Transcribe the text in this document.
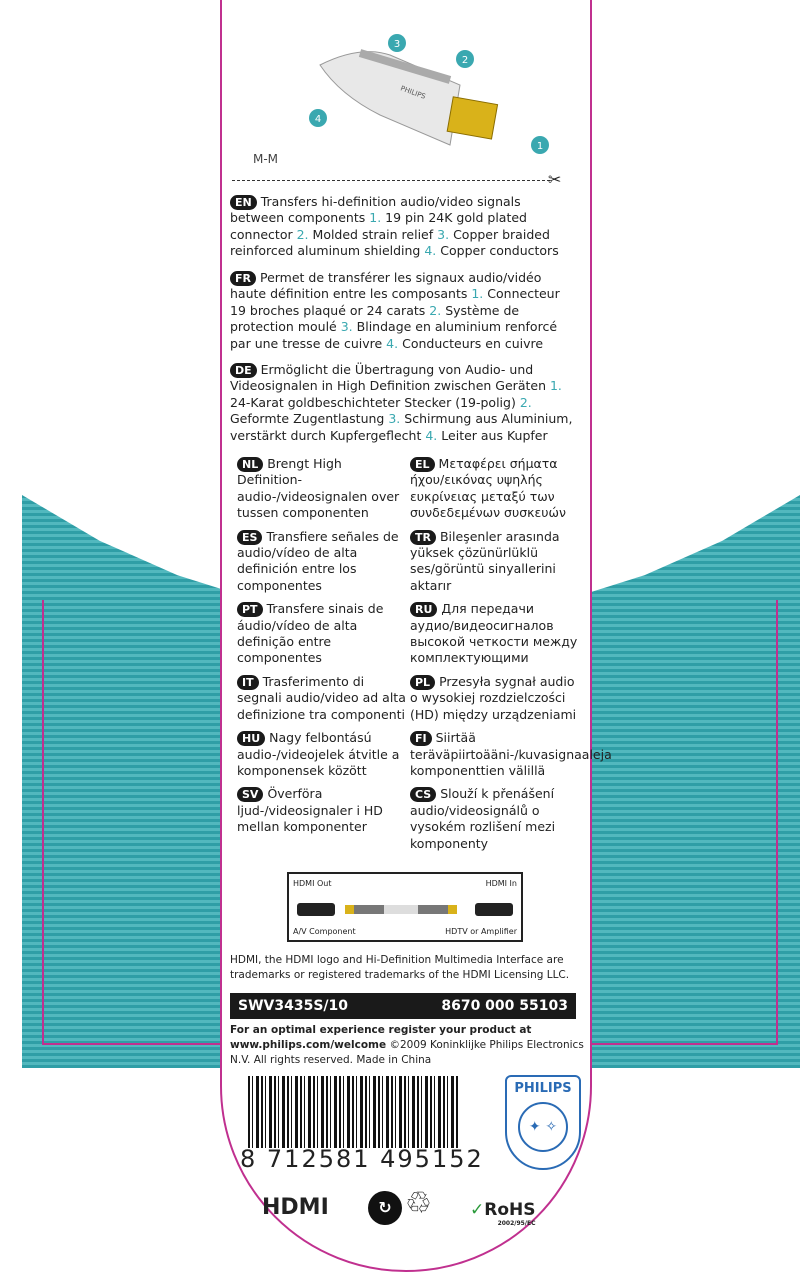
3
2
4
1
PHILIPS
M-M
✂
EN Transfers hi-definition audio/video signals between components 1. 19 pin 24K gold plated connector 2. Molded strain relief 3. Copper braided reinforced aluminum shielding 4. Copper conductors
FR Permet de transférer les signaux audio/vidéo haute définition entre les composants 1. Connecteur 19 broches plaqué or 24 carats 2. Système de protection moulé 3. Blindage en aluminium renforcé par une tresse de cuivre 4. Conducteurs en cuivre
DE Ermöglicht die Übertragung von Audio- und Videosignalen in High Definition zwischen Geräten 1. 24-Karat goldbeschichteter Stecker (19-polig) 2. Geformte Zugentlastung 3. Schirmung aus Aluminium, verstärkt durch Kupfergeflecht 4. Leiter aus Kupfer
NL Brengt High Definition-audio-/videosignalen over tussen componenten
ES Transfiere señales de audio/vídeo de alta definición entre los componentes
PT Transfere sinais de áudio/vídeo de alta definição entre componentes
IT Trasferimento di segnali audio/video ad alta definizione tra componenti
HU Nagy felbontású audio-/videojelek átvitle a komponensek között
SV Överföra ljud-/videosignaler i HD mellan komponenter
EL Μεταφέρει σήματα ήχου/εικόνας υψηλής ευκρίνειας μεταξύ των συνδεδεμένων συσκευών
TR Bileşenler arasında yüksek çözünürlüklü ses/görüntü sinyallerini aktarır
RU Для передачи аудио/видеосигналов высокой четкости между комплектующими
PL Przesyła sygnał audio o wysokiej rozdzielczości (HD) między urządzeniami
FI Siirtää teräväpiirtoääni-/kuvasignaaleja komponenttien välillä
CS Slouží k přenášení audio/videosignálů o vysokém rozlišení mezi komponenty
HDMI Out	HDMI In
A/V Component	HDTV or Amplifier
HDMI, the HDMI logo and Hi-Definition Multimedia Interface are trademarks or registered trademarks of the HDMI Licensing LLC.
SWV3435S/10	8670 000 55103
For an optimal experience register your product at www.philips.com/welcome ©2009 Koninklijke Philips Electronics N.V. All rights reserved. Made in China
8 712581 495152
PHILIPS
✦ ✧
HDMI	↻ ♲ ✓RoHS
2002/95/EC
